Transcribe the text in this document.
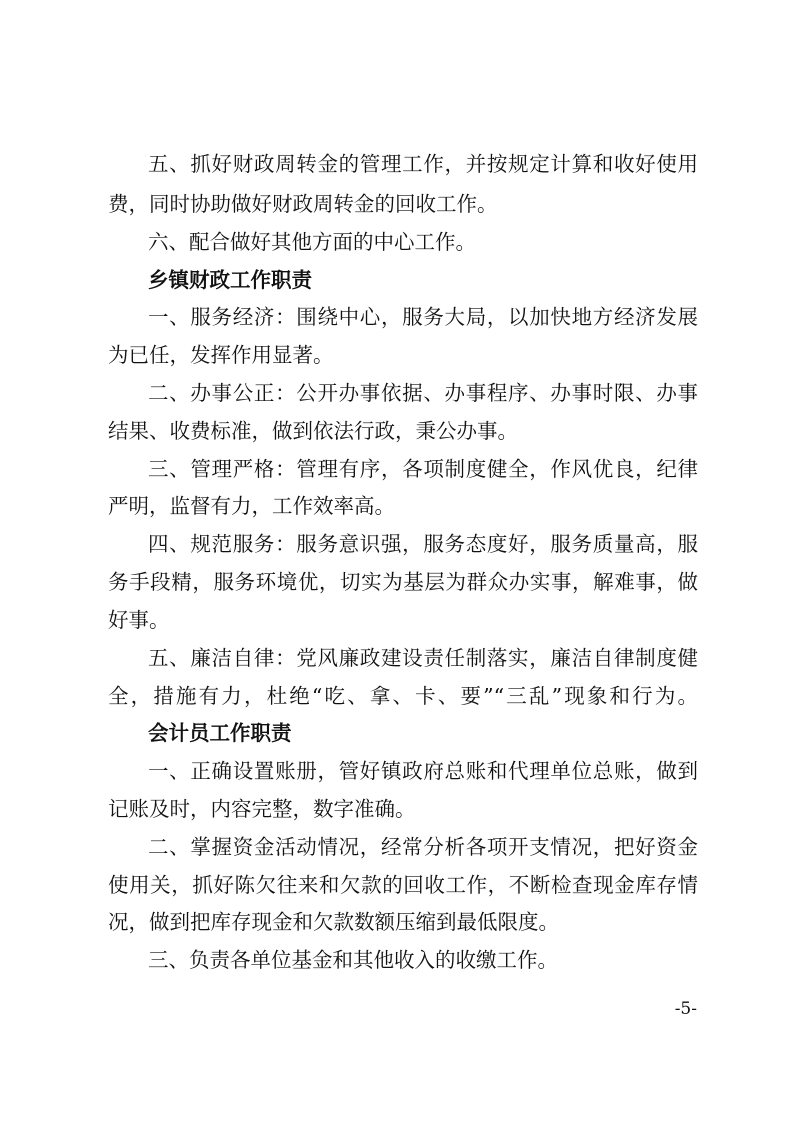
五、抓好财政周转金的管理工作，并按规定计算和收好使用
费，同时协助做好财政周转金的回收工作。
六、配合做好其他方面的中心工作。
乡镇财政工作职责
一、服务经济：围绕中心，服务大局，以加快地方经济发展
为已任，发挥作用显著。
二、办事公正：公开办事依据、办事程序、办事时限、办事
结果、收费标准，做到依法行政，秉公办事。
三、管理严格：管理有序，各项制度健全，作风优良，纪律
严明，监督有力，工作效率高。
四、规范服务：服务意识强，服务态度好，服务质量高，服
务手段精，服务环境优，切实为基层为群众办实事，解难事，做
好事。
五、廉洁自律：党风廉政建设责任制落实，廉洁自律制度健
全，措施有力，杜绝“吃、拿、卡、要”“三乱”现象和行为。
会计员工作职责
一、正确设置账册，管好镇政府总账和代理单位总账，做到
记账及时，内容完整，数字准确。
二、掌握资金活动情况，经常分析各项开支情况，把好资金
使用关，抓好陈欠往来和欠款的回收工作，不断检查现金库存情
况，做到把库存现金和欠款数额压缩到最低限度。
三、负责各单位基金和其他收入的收缴工作。
-5-
